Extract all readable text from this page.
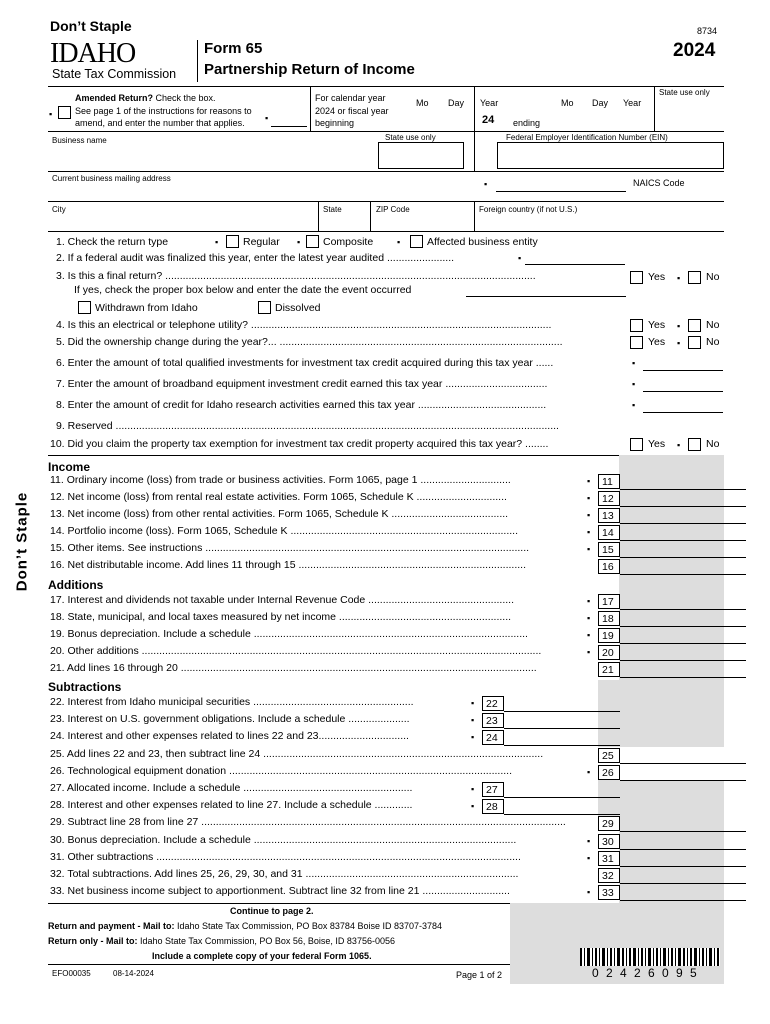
Don’t Staple
IDAHO
State Tax Commission
Form 65
Partnership Return of Income
8734
2024
▪
Amended Return? Check the box.
See page 1 of the instructions for reasons to
amend, and enter the number that applies. ▪
For calendar year
2024 or fiscal year
beginning
Mo Day Year
24 ending
Mo Day Year
State use only
Business name	State use only	Federal Employer Identification Number (EIN)
Current business mailing address
▪	NAICS Code
City	State	ZIP Code	Foreign country (if not U.S.)
Don’t Staple
1. Check the return type	▪ Regular ▪ Composite	▪	Affected business entity
2. If a federal audit was finalized this year, enter the latest year audited .......................	▪
3. Is this a final return? ...............................................................................................................................	Yes ▪ No
If yes, check the proper box below and enter the date the event occurred
Withdrawn from Idaho	Dissolved
4. Is this an electrical or telephone utility? .......................................................................................................	Yes ▪ No
5. Did the ownership change during the year?... .................................................................................................	Yes ▪ No
6. Enter the amount of total qualified investments for investment tax credit acquired during this tax year ......	▪
7. Enter the amount of broadband equipment investment credit earned this tax year ...................................	▪
8. Enter the amount of credit for Idaho research activities earned this tax year ............................................	▪
9. Reserved ........................................................................................................................................................
10. Did you claim the property tax exemption for investment tax credit property acquired this tax year? ........	Yes ▪ No
Income
Additions
Subtractions
11. Ordinary income (loss) from trade or business activities. Form 1065, page 1 ...............................	▪	11
12. Net income (loss) from rental real estate activities. Form 1065, Schedule K ...............................	▪	12
13. Net income (loss) from other rental activities. Form 1065, Schedule K ........................................	▪	13
14. Portfolio income (loss). Form 1065, Schedule K ..............................................................................	▪	14
15. Other items. See instructions ...............................................................................................................	▪	15
16. Net distributable income. Add lines 11 through 15 ..............................................................................	16
17. Interest and dividends not taxable under Internal Revenue Code ..................................................	▪	17
18. State, municipal, and local taxes measured by net income ...........................................................	▪	18
19. Bonus depreciation. Include a schedule ..............................................................................................	▪	19
20. Other additions .........................................................................................................................................	▪	20
21. Add lines 16 through 20 ..........................................................................................................................	21
22. Interest from Idaho municipal securities .......................................................	▪	22
23. Interest on U.S. government obligations. Include a schedule .....................	▪	23
24. Interest and other expenses related to lines 22 and 23...............................	▪	24
25. Add lines 22 and 23, then subtract line 24 ................................................................................................	25
26. Technological equipment donation .................................................................................................	▪	26
27. Allocated income. Include a schedule ..........................................................	▪	27
28. Interest and other expenses related to line 27. Include a schedule .............	▪	28
29. Subtract line 28 from line 27 .............................................................................................................................	29
30. Bonus depreciation. Include a schedule ..........................................................................................	▪	30
31. Other subtractions .............................................................................................................................	▪	31
32. Total subtractions. Add lines 25, 26, 29, 30, and 31 .........................................................................	32
33. Net business income subject to apportionment. Subtract line 32 from line 21 ..............................	▪	33
Continue to page 2.
Return and payment - Mail to: Idaho State Tax Commission, PO Box 83784 Boise ID 83707-3784
Return only - Mail to: Idaho State Tax Commission, PO Box 56, Boise, ID 83756-0056
Include a complete copy of your federal Form 1065.
EFO00035	08-14-2024	Page 1 of 2	0 2 4 2 6 0 9 5
